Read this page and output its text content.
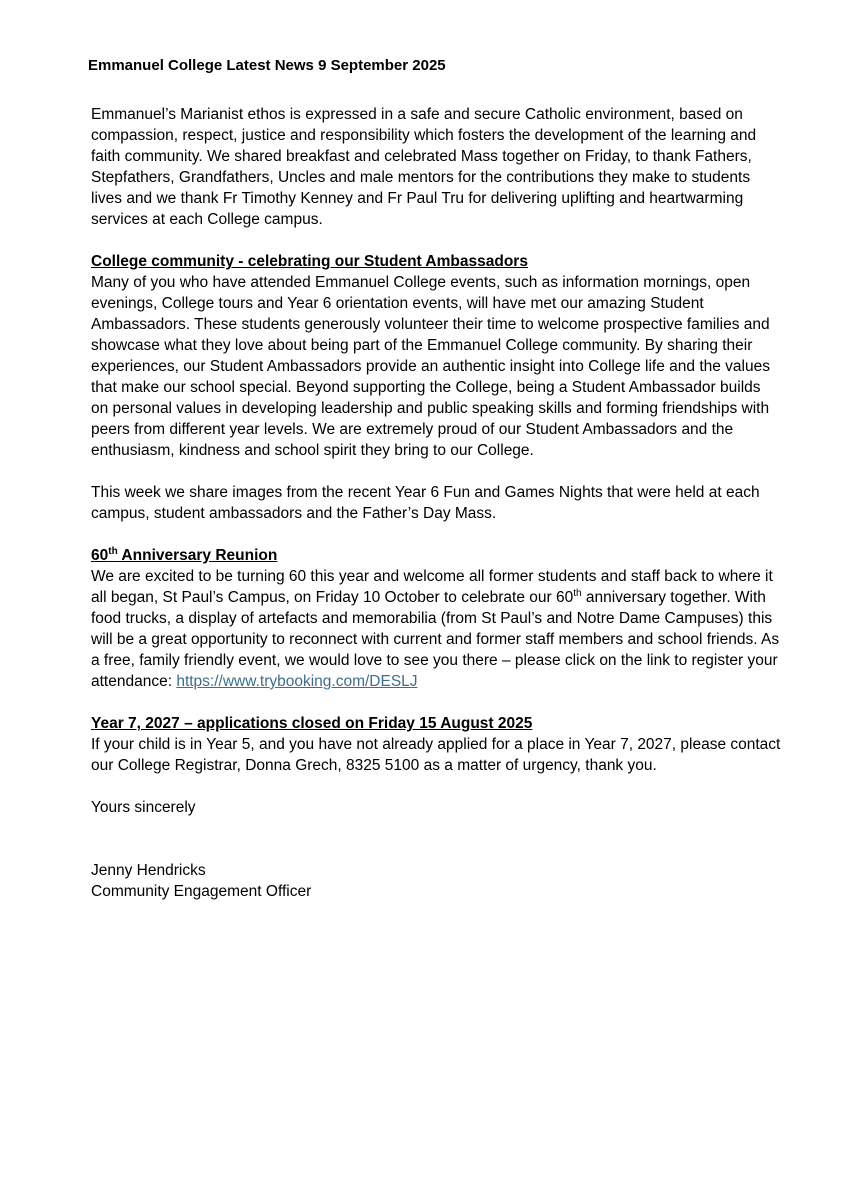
Emmanuel College Latest News 9 September 2025

Emmanuel’s Marianist ethos is expressed in a safe and secure Catholic environment, based on compassion, respect, justice and responsibility which fosters the development of the learning and faith community. We shared breakfast and celebrated Mass together on Friday, to thank Fathers, Stepfathers, Grandfathers, Uncles and male mentors for the contributions they make to students lives and we thank Fr Timothy Kenney and Fr Paul Tru for delivering uplifting and heartwarming services at each College campus.

College community - celebrating our Student Ambassadors
Many of you who have attended Emmanuel College events, such as information mornings, open evenings, College tours and Year 6 orientation events, will have met our amazing Student Ambassadors. These students generously volunteer their time to welcome prospective families and showcase what they love about being part of the Emmanuel College community. By sharing their experiences, our Student Ambassadors provide an authentic insight into College life and the values that make our school special. Beyond supporting the College, being a Student Ambassador builds on personal values in developing leadership and public speaking skills and forming friendships with peers from different year levels. We are extremely proud of our Student Ambassadors and the enthusiasm, kindness and school spirit they bring to our College.

This week we share images from the recent Year 6 Fun and Games Nights that were held at each campus, student ambassadors and the Father’s Day Mass.

60th Anniversary Reunion
We are excited to be turning 60 this year and welcome all former students and staff back to where it all began, St Paul’s Campus, on Friday 10 October to celebrate our 60th anniversary together. With food trucks, a display of artefacts and memorabilia (from St Paul’s and Notre Dame Campuses) this will be a great opportunity to reconnect with current and former staff members and school friends. As a free, family friendly event, we would love to see you there – please click on the link to register your attendance: https://www.trybooking.com/DESLJ

Year 7, 2027 – applications closed on Friday 15 August 2025
If your child is in Year 5, and you have not already applied for a place in Year 7, 2027, please contact our College Registrar, Donna Grech, 8325 5100 as a matter of urgency, thank you.

Yours sincerely

Jenny Hendricks

Community Engagement Officer
